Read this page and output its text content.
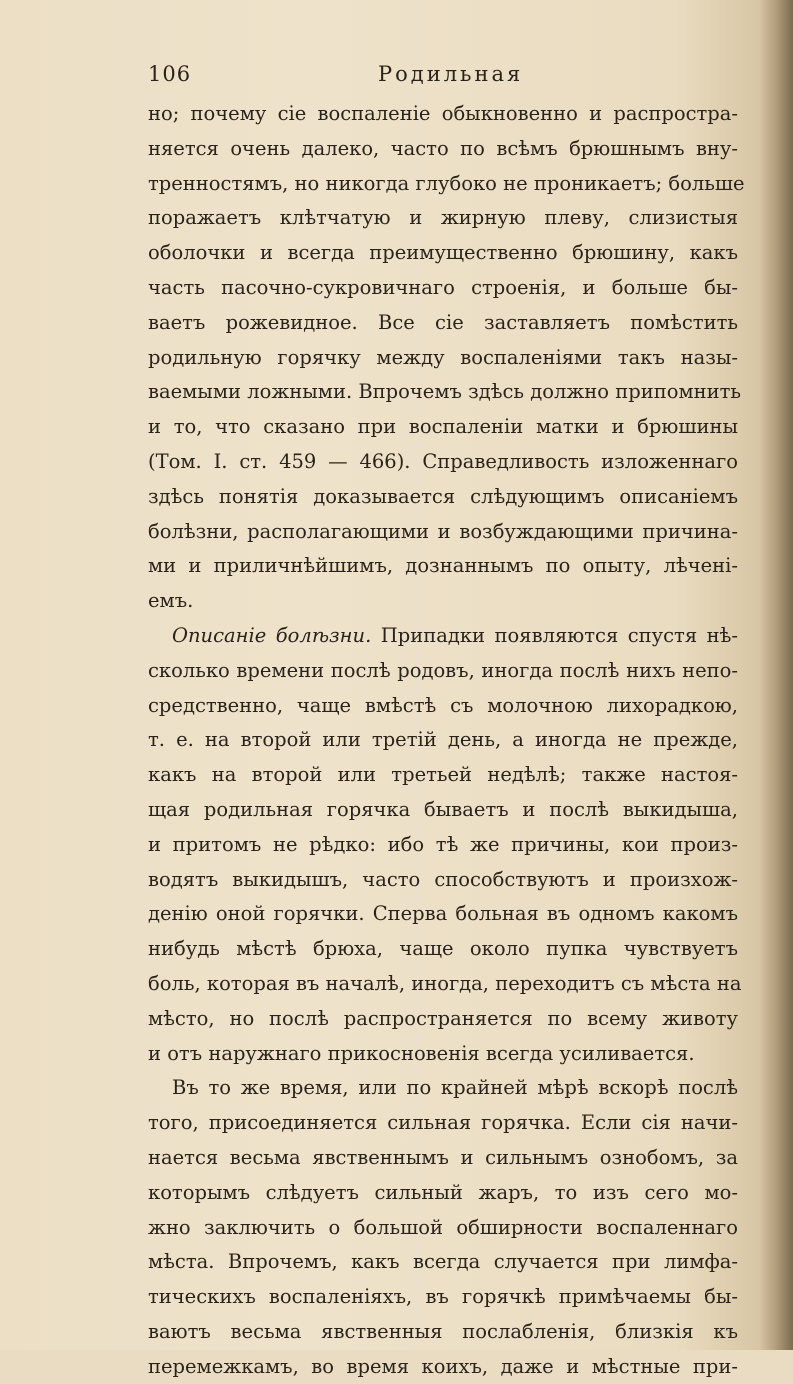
106	Родильная
но; почему сіе воспаленіе обыкновенно и распростра-
няется очень далеко, часто по всѣмъ брюшнымъ вну-
тренностямъ, но никогда глубоко не проникаетъ; больше
поражаетъ клѣтчатую и жирную плеву, слизистыя
оболочки и всегда преимущественно брюшину, какъ
часть пасочно-сукровичнаго строенія, и больше бы-
ваетъ рожевидное. Все сіе заставляетъ помѣстить
родильную горячку между воспаленіями такъ назы-
ваемыми ложными. Впрочемъ здѣсь должно припомнить
и то, что сказано при воспаленіи матки и брюшины
(Том. I. ст. 459 — 466). Справедливость изложеннаго
здѣсь понятія доказывается слѣдующимъ описаніемъ
болѣзни, располагающими и возбуждающими причина-
ми и приличнѣйшимъ, дознаннымъ по опыту, лѣченi-
емъ.
Описаніе болѣзни. Припадки появляются спустя нѣ-
сколько времени послѣ родовъ, иногда послѣ нихъ непо-
средственно, чаще вмѣстѣ съ молочною лихорадкою,
т. е. на второй или третій день, а иногда не прежде,
какъ на второй или третьей недѣлѣ; также настоя-
щая родильная горячка бываетъ и послѣ выкидыша,
и притомъ не рѣдко: ибо тѣ же причины, кои произ-
водятъ выкидышъ, часто способствуютъ и произхож-
денію оной горячки. Сперва больная въ одномъ какомъ
нибудь мѣстѣ брюха, чаще около пупка чувствуетъ
боль, которая въ началѣ, иногда, переходитъ съ мѣста на
мѣсто, но послѣ распространяется по всему животу
и отъ наружнаго прикосновенія всегда усиливается.
Въ то же время, или по крайней мѣрѣ вскорѣ послѣ
того, присоединяется сильная горячка. Если сія начи-
нается весьма явственнымъ и сильнымъ ознобомъ, за
которымъ слѣдуетъ сильный жаръ, то изъ сего мо-
жно заключить о большой обширности воспаленнаго
мѣста. Впрочемъ, какъ всегда случается при лимфа-
тическихъ воспаленіяхъ, въ горячкѣ примѣчаемы бы-
ваютъ весьма явственныя послабленія, близкія къ
перемежкамъ, во время коихъ, даже и мѣстные при-
